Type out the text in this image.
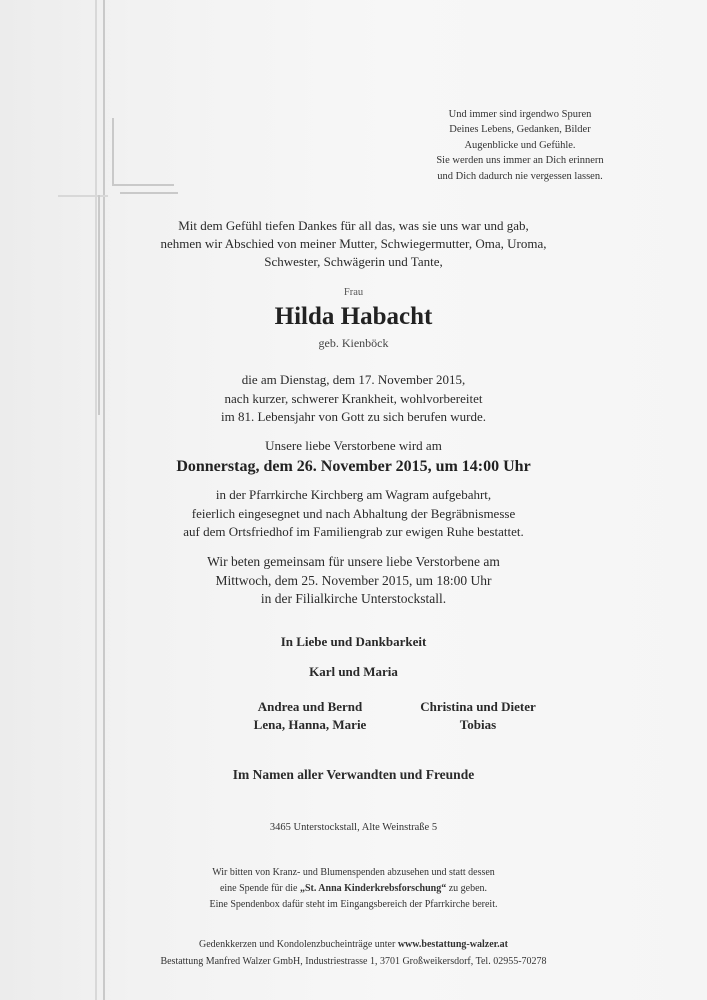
Und immer sind irgendwo Spuren
Deines Lebens, Gedanken, Bilder
Augenblicke und Gefühle.
Sie werden uns immer an Dich erinnern
und Dich dadurch nie vergessen lassen.
Mit dem Gefühl tiefen Dankes für all das, was sie uns war und gab,
nehmen wir Abschied von meiner Mutter, Schwiegermutter, Oma, Uroma,
Schwester, Schwägerin und Tante,
Frau
Hilda Habacht
geb. Kienböck
die am Dienstag, dem 17. November 2015,
nach kurzer, schwerer Krankheit, wohlvorbereitet
im 81. Lebensjahr von Gott zu sich berufen wurde.
Unsere liebe Verstorbene wird am
Donnerstag, dem 26. November 2015, um 14:00 Uhr
in der Pfarrkirche Kirchberg am Wagram aufgebahrt,
feierlich eingesegnet und nach Abhaltung der Begräbnismesse
auf dem Ortsfriedhof im Familiengrab zur ewigen Ruhe bestattet.
Wir beten gemeinsam für unsere liebe Verstorbene am
Mittwoch, dem 25. November 2015, um 18:00 Uhr
in der Filialkirche Unterstockstall.
In Liebe und Dankbarkeit
Karl und Maria
Andrea und Bernd
Lena, Hanna, Marie
Christina und Dieter
Tobias
Im Namen aller Verwandten und Freunde
3465 Unterstockstall, Alte Weinstraße 5
Wir bitten von Kranz- und Blumenspenden abzusehen und statt dessen
eine Spende für die „St. Anna Kinderkrebsforschung“ zu geben.
Eine Spendenbox dafür steht im Eingangsbereich der Pfarrkirche bereit.
Gedenkkerzen und Kondolenzbucheinträge unter www.bestattung-walzer.at
Bestattung Manfred Walzer GmbH, Industriestrasse 1, 3701 Großweikersdorf, Tel. 02955-70278
